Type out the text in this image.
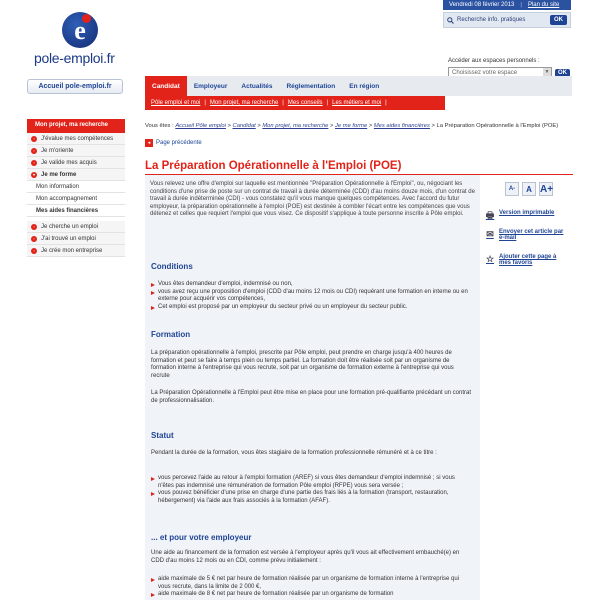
e
pole-emploi.fr
Vendredi 08 février 2013 | Plan du site
Recherche info. pratiques	OK
Accéder aux espaces personnels :
Choisissez votre espace	▼	OK
Accueil pole-emploi.fr	Candidat	Employeur	Actualités	Réglementation	En région
Pôle emploi et moi | Mon projet, ma recherche | Mes conseils | Les métiers et moi |
Mon projet, ma recherche
›	J'évalue mes compétences
›	Je m'oriente
›	Je valide mes acquis
▾	Je me forme
Mon information
Mon accompagnement
Mes aides financières
›	Je cherche un emploi
›	J'ai trouvé un emploi
›	Je crée mon entreprise
Vous êtes : Accueil Pôle emploi > Candidat > Mon projet, ma recherche > Je me forme > Mes aides financières > La Préparation Opérationnelle à l'Emploi (POE)
◂ Page précédente
La Préparation Opérationnelle à l'Emploi (POE)
Vous relevez une offre d'emploi sur laquelle est mentionnée "Préparation Opérationnelle à l'Emploi", ou, négociant les conditions d'une prise de poste sur un contrat de travail à durée déterminée (CDD) d'au moins douze mois, d'un contrat de travail à durée indéterminée (CDI) - vous constatez qu'il vous manque quelques compétences. Avec l'accord du futur employeur, la préparation opérationnelle à l'emploi (POE) est destinée à combler l'écart entre les compétences que vous détenez et celles que requiert l'emploi que vous visez. Ce dispositif s'applique à toute personne inscrite à Pôle emploi.
A-	A A+
🖶 Version imprimable
✉ Envoyer cet article par e-mail
☆ Ajouter cette page à mes favoris
Conditions
Vous êtes demandeur d'emploi, indemnisé ou non,
vous avez reçu une proposition d'emploi (CDD d'au moins 12 mois ou CDI) requérant une formation en interne ou en externe pour acquérir vos compétences,
Cet emploi est proposé par un employeur du secteur privé ou un employeur du secteur public.
Formation
La préparation opérationnelle à l'emploi, prescrite par Pôle emploi, peut prendre en charge jusqu'à 400 heures de formation et peut se faire à temps plein ou temps partiel. La formation doit être réalisée soit par un organisme de formation interne à l'entreprise qui vous recrute, soit par un organisme de formation externe à l'entreprise qui vous recrute
La Préparation Opérationnelle à l'Emploi peut être mise en place pour une formation pré-qualifiante précédant un contrat de professionnalisation.
Statut
Pendant la durée de la formation, vous êtes stagiaire de la formation professionnelle rémunéré et à ce titre :
vous percevez l'aide au retour à l'emploi formation (AREF) si vous êtes demandeur d'emploi indemnisé ; si vous n'êtes pas indemnisé une rémunération de formation Pôle emploi (RFPE) vous sera versée ;
vous pouvez bénéficier d'une prise en charge d'une partie des frais liés à la formation (transport, restauration, hébergement) via l'aide aux frais associés à la formation (AFAF).
... et pour votre employeur
Une aide au financement de la formation est versée à l'employeur après qu'il vous ait effectivement embauché(e) en CDD d'au moins 12 mois ou en CDI, comme prévu initialement :
aide maximale de 5 € net par heure de formation réalisée par un organisme de formation interne à l'entreprise qui vous recrute, dans la limite de 2 000 €,
aide maximale de 8 € net par heure de formation réalisée par un organisme de formation
